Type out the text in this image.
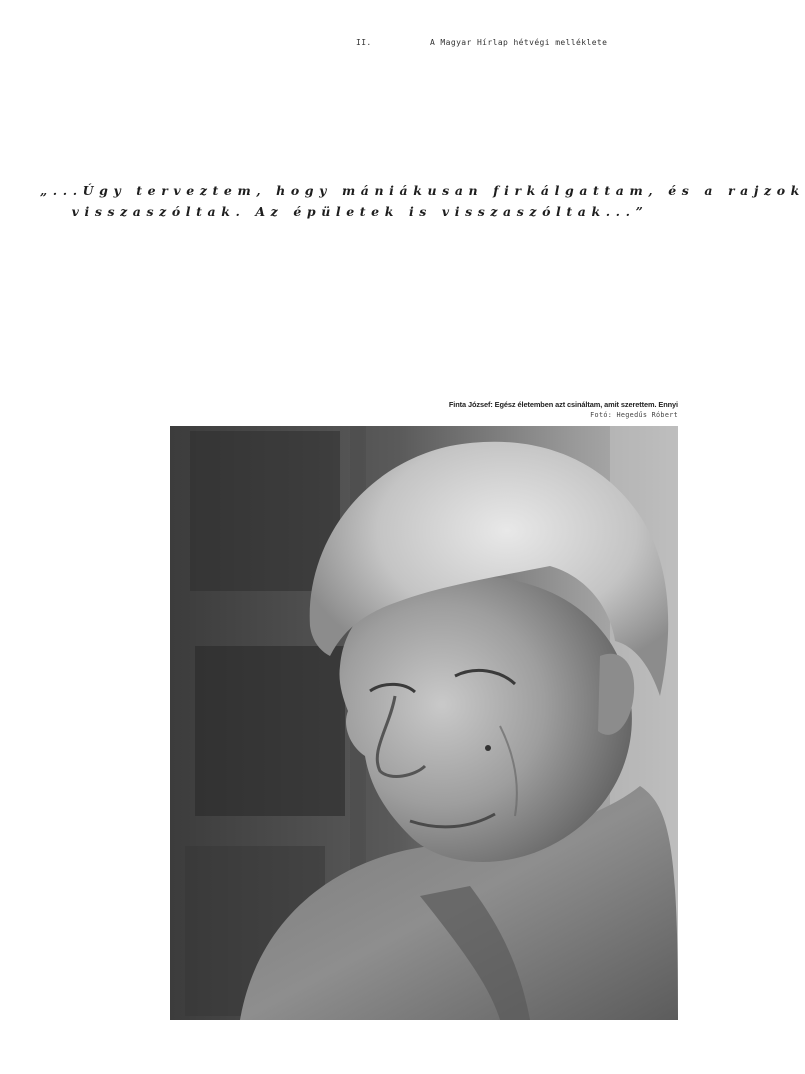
II.	A Magyar Hírlap hétvégi melléklete
„...Úgy terveztem, hogy mániákusan firkálgattam, és a rajzok
visszaszóltak. Az épületek is visszaszóltak...”
Finta József: Egész életemben azt csináltam, amit szerettem. Ennyi
Fotó: Hegedűs Róbert
